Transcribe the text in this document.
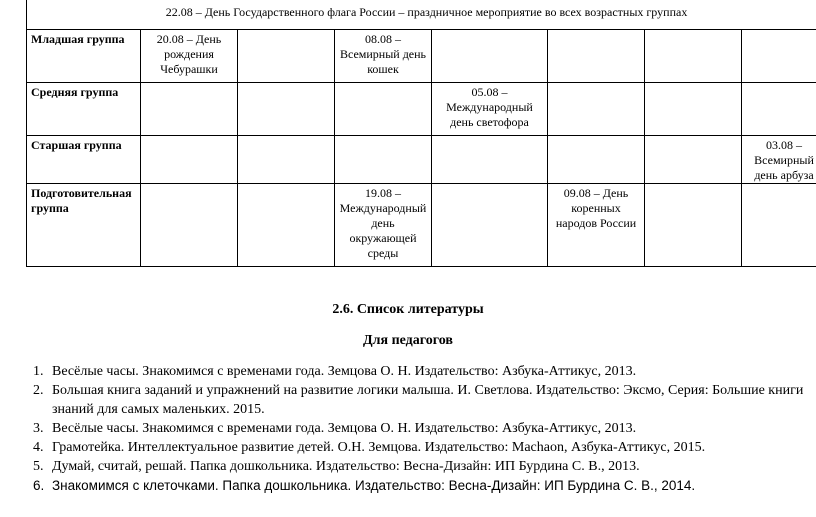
22.08 – День Государственного флага России – праздничное мероприятие во всех возрастных группах							
Младшая группа	20.08 – День рождения Чебурашки		08.08 – Всемирный день кошек				
Средняя группа				05.08 – Международный день светофора			
Старшая группа							03.08 – Всемирный день арбуза
Подготовительная группа			19.08 – Международный день окружающей среды		09.08 – День коренных народов России		
2.6. Список литературы
Для педагогов
1. Весёлые часы. Знакомимся с временами года. Земцова О. Н. Издательство: Азбука-Аттикус, 2013.
2. Большая книга заданий и упражнений на развитие логики малыша. И. Светлова. Издательство: Эксмо, Серия: Большие книги знаний для самых маленьких. 2015.
3. Весёлые часы. Знакомимся с временами года. Земцова О. Н. Издательство: Азбука-Аттикус, 2013.
4. Грамотейка. Интеллектуальное развитие детей. О.Н. Земцова. Издательство: Machaon, Азбука-Аттикус, 2015.
5. Думай, считай, решай. Папка дошкольника. Издательство: Весна-Дизайн: ИП Бурдина С. В., 2013.
6. Знакомимся с клеточками. Папка дошкольника. Издательство: Весна-Дизайн: ИП Бурдина С. В., 2014.
